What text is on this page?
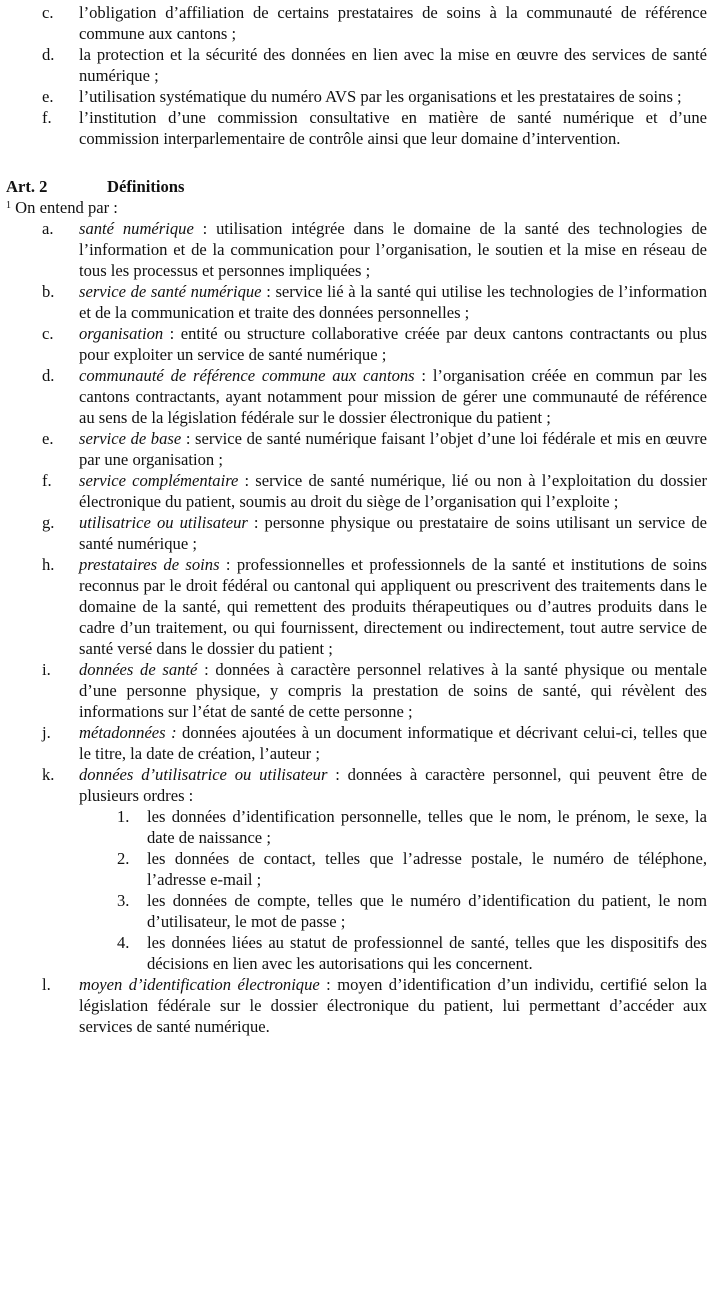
c. l’obligation d’affiliation de certains prestataires de soins à la communauté de référence commune aux cantons ;
d. la protection et la sécurité des données en lien avec la mise en œuvre des services de santé numérique ;
e. l’utilisation systématique du numéro AVS par les organisations et les prestataires de soins ;
f. l’institution d’une commission consultative en matière de santé numérique et d’une commission interparlementaire de contrôle ainsi que leur domaine d’intervention.
Art. 2	Définitions
$^1$ On entend par :
a. santé numérique : utilisation intégrée dans le domaine de la santé des technologies de l’information et de la communication pour l’organisation, le soutien et la mise en réseau de tous les processus et personnes impliquées ;
b. service de santé numérique : service lié à la santé qui utilise les technologies de l’information et de la communication et traite des données personnelles ;
c. organisation : entité ou structure collaborative créée par deux cantons contractants ou plus pour exploiter un service de santé numérique ;
d. communauté de référence commune aux cantons : l’organisation créée en commun par les cantons contractants, ayant notamment pour mission de gérer une communauté de référence au sens de la législation fédérale sur le dossier électronique du patient ;
e. service de base : service de santé numérique faisant l’objet d’une loi fédérale et mis en œuvre par une organisation ;
f. service complémentaire : service de santé numérique, lié ou non à l’exploitation du dossier électronique du patient, soumis au droit du siège de l’organisation qui l’exploite ;
g. utilisatrice ou utilisateur : personne physique ou prestataire de soins utilisant un service de santé numérique ;
h. prestataires de soins : professionnelles et professionnels de la santé et institutions de soins reconnus par le droit fédéral ou cantonal qui appliquent ou prescrivent des traitements dans le domaine de la santé, qui remettent des produits thérapeutiques ou d’autres produits dans le cadre d’un traitement, ou qui fournissent, directement ou indirectement, tout autre service de santé versé dans le dossier du patient ;
i. données de santé : données à caractère personnel relatives à la santé physique ou mentale d’une personne physique, y compris la prestation de soins de santé, qui révèlent des informations sur l’état de santé de cette personne ;
j. métadonnées : données ajoutées à un document informatique et décrivant celui-ci, telles que le titre, la date de création, l’auteur ;
k. données d’utilisatrice ou utilisateur : données à caractère personnel, qui peuvent être de plusieurs ordres :
1. les données d’identification personnelle, telles que le nom, le prénom, le sexe, la date de naissance ;
2. les données de contact, telles que l’adresse postale, le numéro de téléphone, l’adresse e-mail ;
3. les données de compte, telles que le numéro d’identification du patient, le nom d’utilisateur, le mot de passe ;
4. les données liées au statut de professionnel de santé, telles que les dispositifs des décisions en lien avec les autorisations qui les concernent.
l. moyen d’identification électronique : moyen d’identification d’un individu, certifié selon la législation fédérale sur le dossier électronique du patient, lui permettant d’accéder aux services de santé numérique.
